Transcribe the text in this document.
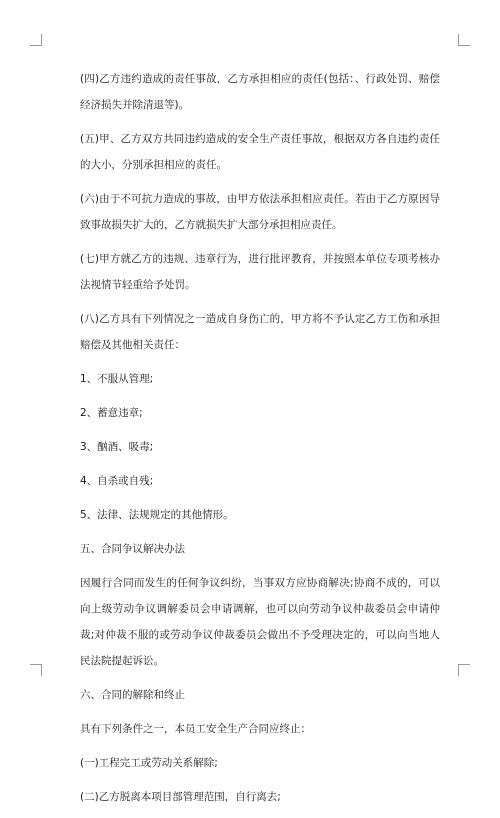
(四)乙方违约造成的责任事故，乙方承担相应的责任(包括：、行政处罚、赔偿经济损失并除清退等)。

(五)甲、乙方双方共同违约造成的安全生产责任事故，根据双方各自违约责任的大小，分别承担相应的责任。

(六)由于不可抗力造成的事故，由甲方依法承担相应责任。若由于乙方原因导致事故损失扩大的，乙方就损失扩大部分承担相应责任。

(七)甲方就乙方的违规、违章行为，进行批评教育，并按照本单位专项考核办法视情节轻重给予处罚。

(八)乙方具有下列情况之一造成自身伤亡的，甲方将不予认定乙方工伤和承担赔偿及其他相关责任：

1、不服从管理;

2、蓄意违章;

3、酗酒、吸毒;

4、自杀或自残;

5、法律、法规规定的其他情形。

五、合同争议解决办法

因履行合同而发生的任何争议纠纷，当事双方应协商解决;协商不成的，可以向上级劳动争议调解委员会申请调解，也可以向劳动争议仲裁委员会申请仲裁;对仲裁不服的或劳动争议仲裁委员会做出不予受理决定的，可以向当地人民法院提起诉讼。

六、合同的解除和终止

具有下列条件之一，本员工安全生产合同应终止：

(一)工程完工或劳动关系解除;

(二)乙方脱离本项目部管理范围，自行离去;
